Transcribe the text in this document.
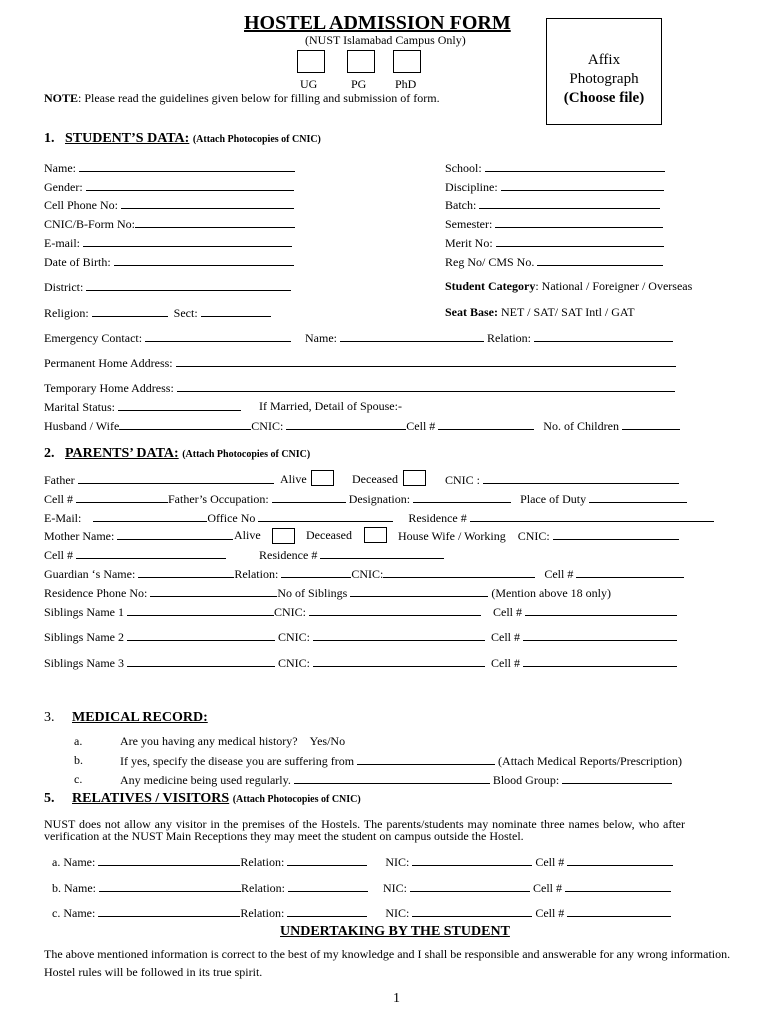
HOSTEL ADMISSION FORM
(NUST Islamabad Campus Only)
UG	PG PhD
NOTE: Please read the guidelines given below for filling and submission of form.
Affix
Photograph
(Choose file)
1. STUDENT’S DATA: (Attach Photocopies of CNIC)
Name:
Gender:
Cell Phone No:
CNIC/B-Form No:
E-mail:
Date of Birth:
District:
School:
Discipline:
Batch:
Semester:
Merit No:
Reg No/ CMS No.
Student Category: National / Foreigner / Overseas
Religion:	Sect:	Seat Base: NET / SAT/ SAT Intl / GAT
Emergency Contact:	Name:	Relation:
Permanent Home Address:
Temporary Home Address:
Marital Status:	If Married, Detail of Spouse:-
Husband / Wife	CNIC:	Cell #	No. of Children
2. PARENTS’ DATA: (Attach Photocopies of CNIC)
Father	Alive	Deceased	CNIC :
Cell #	Father’s Occupation:	Designation:	Place of Duty
E-Mail:	Office No	Residence #
Mother Name:	Alive	Deceased	House Wife / Working CNIC:
Cell #	Residence #
Guardian ‘s Name:	Relation:	CNIC:	Cell #
Residence Phone No:	No of Siblings	(Mention above 18 only)
Siblings Name 1	CNIC:	Cell #
Siblings Name 2	CNIC:	Cell #
Siblings Name 3	CNIC:	Cell #
3. MEDICAL RECORD:
a.	Are you having any medical history? Yes/No
b.	If yes, specify the disease you are suffering from	(Attach Medical Reports/Prescription)
c.	Any medicine being used regularly.	Blood Group:
5. RELATIVES / VISITORS (Attach Photocopies of CNIC)
NUST does not allow any visitor in the premises of the Hostels. The parents/students may nominate three names below, who after
verification at the NUST Main Receptions they may meet the student on campus outside the Hostel.
a. Name:	Relation:	NIC:	Cell #
b. Name:	Relation:	NIC:	Cell #
c. Name:	Relation:	NIC:	Cell #
UNDERTAKING BY THE STUDENT
The above mentioned information is correct to the best of my knowledge and I shall be responsible and answerable for any wrong information.
Hostel rules will be followed in its true spirit.
1
